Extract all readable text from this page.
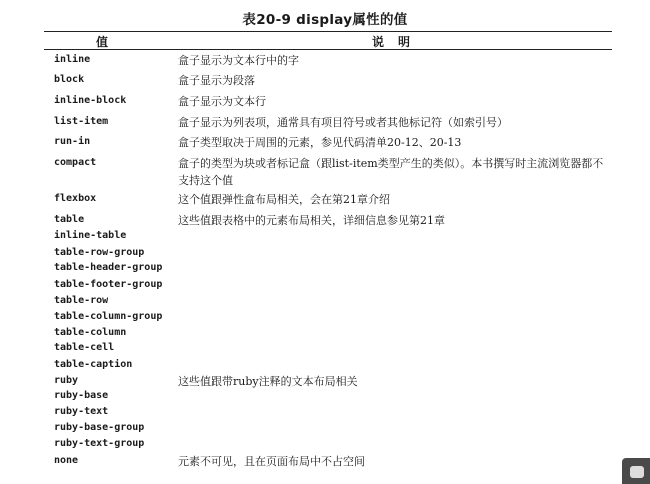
表20-9 display属性的值
值	说明
inline	盒子显示为文本行中的字
block	盒子显示为段落
inline-block	盒子显示为文本行
list-item	盒子显示为列表项，通常具有项目符号或者其他标记符（如索引号）
run-in	盒子类型取决于周围的元素，参见代码清单20-12、20-13
compact	盒子的类型为块或者标记盒（跟list-item类型产生的类似）。本书撰写时主流浏览器都不支持这个值
flexbox	这个值跟弹性盒布局相关，会在第21章介绍
table	这些值跟表格中的元素布局相关，详细信息参见第21章
inline-table
table-row-group
table-header-group
table-footer-group
table-row
table-column-group
table-column
table-cell
table-caption
ruby	这些值跟带ruby注释的文本布局相关
ruby-base
ruby-text
ruby-base-group
ruby-text-group
none	元素不可见，且在页面布局中不占空间
